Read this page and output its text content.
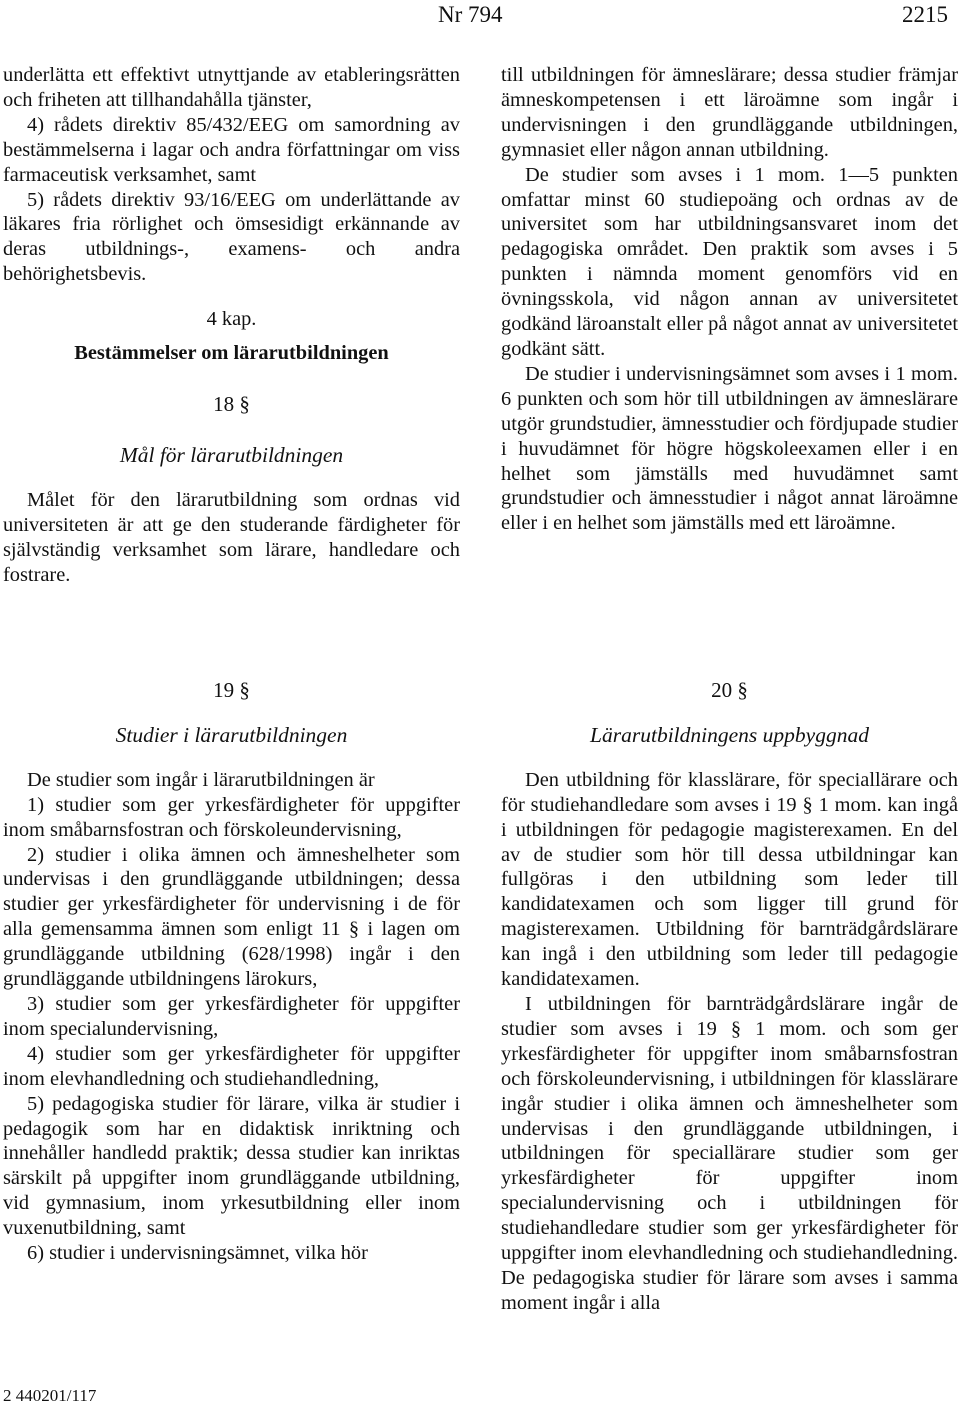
Nr 794	2215

underlätta ett effektivt utnyttjande av etableringsrätten och friheten att tillhandahålla tjänster,

4) rådets direktiv 85/432/EEG om samordning av bestämmelserna i lagar och andra författningar om viss farmaceutisk verksamhet, samt

5) rådets direktiv 93/16/EEG om underlättande av läkares fria rörlighet och ömsesidigt erkännande av deras utbildnings-, examens- och andra behörighetsbevis.

4 kap.

Bestämmelser om lärarutbildningen

18 §

Mål för lärarutbildningen

Målet för den lärarutbildning som ordnas vid universiteten är att ge den studerande färdigheter för självständig verksamhet som lärare, handledare och fostrare.

till utbildningen för ämneslärare; dessa studier främjar ämneskompetensen i ett läroämne som ingår i undervisningen i den grundläggande utbildningen, gymnasiet eller någon annan utbildning.

De studier som avses i 1 mom. 1—5 punkten omfattar minst 60 studiepoäng och ordnas av de universitet som har utbildningsansvaret inom det pedagogiska området. Den praktik som avses i 5 punkten i nämnda moment genomförs vid en övningsskola, vid någon annan av universitetet godkänd läroanstalt eller på något annat av universitetet godkänt sätt.

De studier i undervisningsämnet som avses i 1 mom. 6 punkten och som hör till utbildningen av ämneslärare utgör grundstudier, ämnesstudier och fördjupade studier i huvudämnet för högre högskoleexamen eller i en helhet som jämställs med huvudämnet samt grundstudier och ämnesstudier i något annat läroämne eller i en helhet som jämställs med ett läroämne.

19 §

Studier i lärarutbildningen

De studier som ingår i lärarutbildningen är

1) studier som ger yrkesfärdigheter för uppgifter inom småbarnsfostran och förskoleundervisning,

2) studier i olika ämnen och ämneshelheter som undervisas i den grundläggande utbildningen; dessa studier ger yrkesfärdigheter för undervisning i de för alla gemensamma ämnen som enligt 11 § i lagen om grundläggande utbildning (628/1998) ingår i den grundläggande utbildningens lärokurs,

3) studier som ger yrkesfärdigheter för uppgifter inom specialundervisning,

4) studier som ger yrkesfärdigheter för uppgifter inom elevhandledning och studiehandledning,

5) pedagogiska studier för lärare, vilka är studier i pedagogik som har en didaktisk inriktning och innehåller handledd praktik; dessa studier kan inriktas särskilt på uppgifter inom grundläggande utbildning, vid gymnasium, inom yrkesutbildning eller inom vuxenutbildning, samt

6) studier i undervisningsämnet, vilka hör

20 §

Lärarutbildningens uppbyggnad

Den utbildning för klasslärare, för speciallärare och för studiehandledare som avses i 19 § 1 mom. kan ingå i utbildningen för pedagogie magisterexamen. En del av de studier som hör till dessa utbildningar kan fullgöras i den utbildning som leder till kandidatexamen och som ligger till grund för magisterexamen. Utbildning för barnträdgårdslärare kan ingå i den utbildning som leder till pedagogie kandidatexamen.

I utbildningen för barnträdgårdslärare ingår de studier som avses i 19 § 1 mom. och som ger yrkesfärdigheter för uppgifter inom småbarnsfostran och förskoleundervisning, i utbildningen för klasslärare ingår studier i olika ämnen och ämneshelheter som undervisas i den grundläggande utbildningen, i utbildningen för speciallärare studier som ger yrkesfärdigheter för uppgifter inom specialundervisning och i utbildningen för studiehandledare studier som ger yrkesfärdigheter för uppgifter inom elevhandledning och studiehandledning. De pedagogiska studier för lärare som avses i samma moment ingår i alla

2 440201/117
